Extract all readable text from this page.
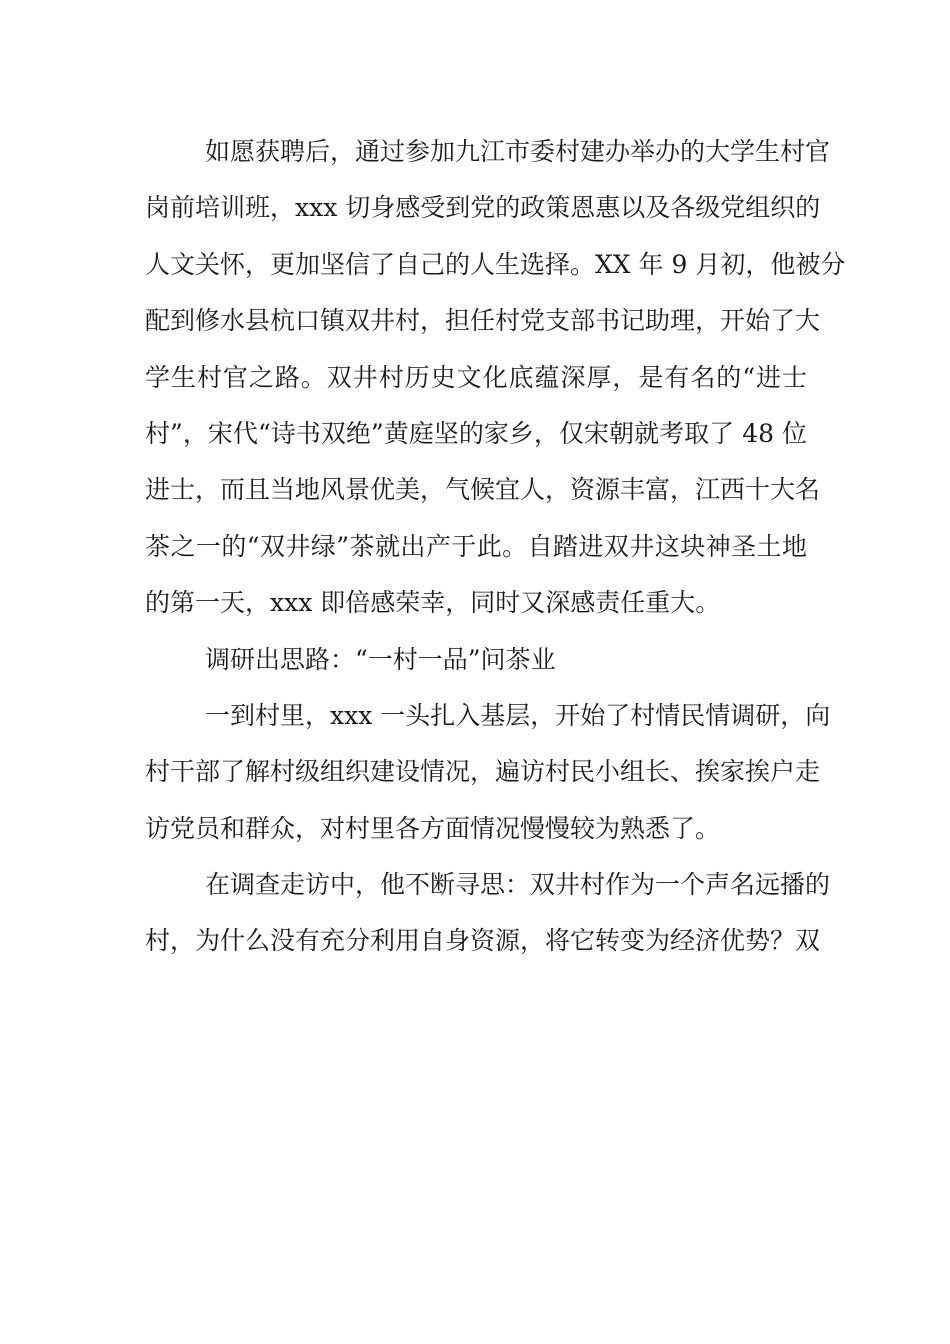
如愿获聘后，通过参加九江市委村建办举办的大学生村官
岗前培训班，xxx 切身感受到党的政策恩惠以及各级党组织的
人文关怀，更加坚信了自己的人生选择。XX 年 9 月初，他被分
配到修水县杭口镇双井村，担任村党支部书记助理，开始了大
学生村官之路。双井村历史文化底蕴深厚，是有名的“进士
村”，宋代“诗书双绝”黄庭坚的家乡，仅宋朝就考取了 48 位
进士，而且当地风景优美，气候宜人，资源丰富，江西十大名
茶之一的“双井绿”茶就出产于此。自踏进双井这块神圣土地
的第一天，xxx 即倍感荣幸，同时又深感责任重大。
调研出思路：“一村一品”问茶业
一到村里，xxx 一头扎入基层，开始了村情民情调研，向
村干部了解村级组织建设情况，遍访村民小组长、挨家挨户走
访党员和群众，对村里各方面情况慢慢较为熟悉了。
在调查走访中，他不断寻思：双井村作为一个声名远播的
村，为什么没有充分利用自身资源，将它转变为经济优势？双
